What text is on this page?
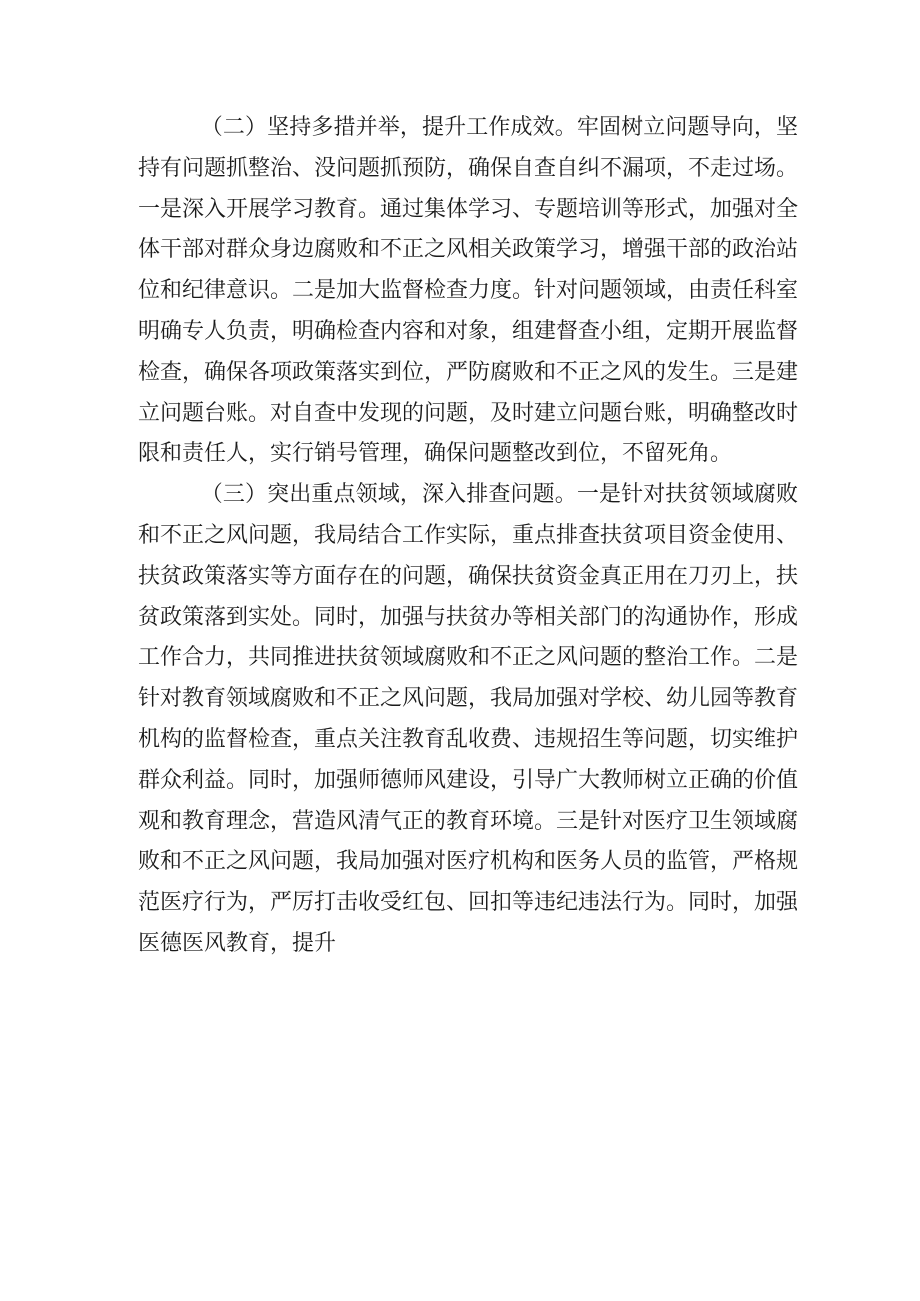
（二）坚持多措并举，提升工作成效。牢固树立问题导向，坚持有问题抓整治、没问题抓预防，确保自查自纠不漏项，不走过场。一是深入开展学习教育。通过集体学习、专题培训等形式，加强对全体干部对群众身边腐败和不正之风相关政策学习，增强干部的政治站位和纪律意识。二是加大监督检查力度。针对问题领域，由责任科室明确专人负责，明确检查内容和对象，组建督查小组，定期开展监督检查，确保各项政策落实到位，严防腐败和不正之风的发生。三是建立问题台账。对自查中发现的问题，及时建立问题台账，明确整改时限和责任人，实行销号管理，确保问题整改到位，不留死角。

（三）突出重点领域，深入排查问题。一是针对扶贫领域腐败和不正之风问题，我局结合工作实际，重点排查扶贫项目资金使用、扶贫政策落实等方面存在的问题，确保扶贫资金真正用在刀刃上，扶贫政策落到实处。同时，加强与扶贫办等相关部门的沟通协作，形成工作合力，共同推进扶贫领域腐败和不正之风问题的整治工作。二是针对教育领域腐败和不正之风问题，我局加强对学校、幼儿园等教育机构的监督检查，重点关注教育乱收费、违规招生等问题，切实维护群众利益。同时，加强师德师风建设，引导广大教师树立正确的价值观和教育理念，营造风清气正的教育环境。三是针对医疗卫生领域腐败和不正之风问题，我局加强对医疗机构和医务人员的监管，严格规范医疗行为，严厉打击收受红包、回扣等违纪违法行为。同时，加强医德医风教育，提升
